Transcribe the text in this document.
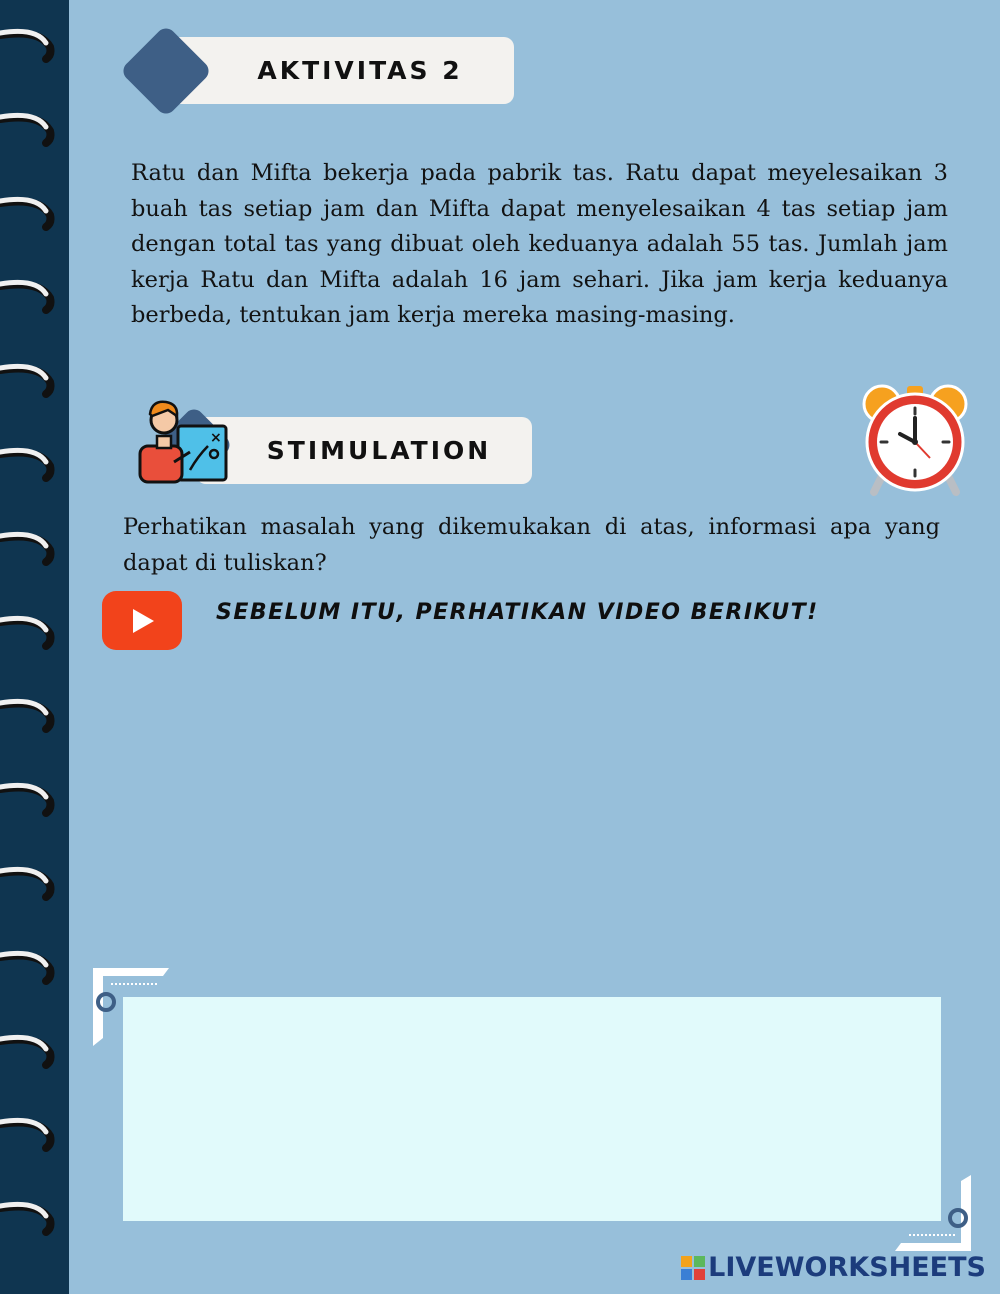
AKTIVITAS 2

Ratu dan Mifta bekerja pada pabrik tas. Ratu dapat meyelesaikan 3 buah tas setiap jam dan Mifta dapat menyelesaikan 4 tas setiap jam dengan total tas yang dibuat oleh keduanya adalah 55 tas. Jumlah jam kerja Ratu dan Mifta adalah 16 jam sehari. Jika jam kerja keduanya berbeda, tentukan jam kerja mereka masing-masing.

STIMULATION
×

Perhatikan masalah yang dikemukakan di atas, informasi apa yang dapat di tuliskan?

SEBELUM ITU, PERHATIKAN VIDEO BERIKUT!
LIVEWORKSHEETS
